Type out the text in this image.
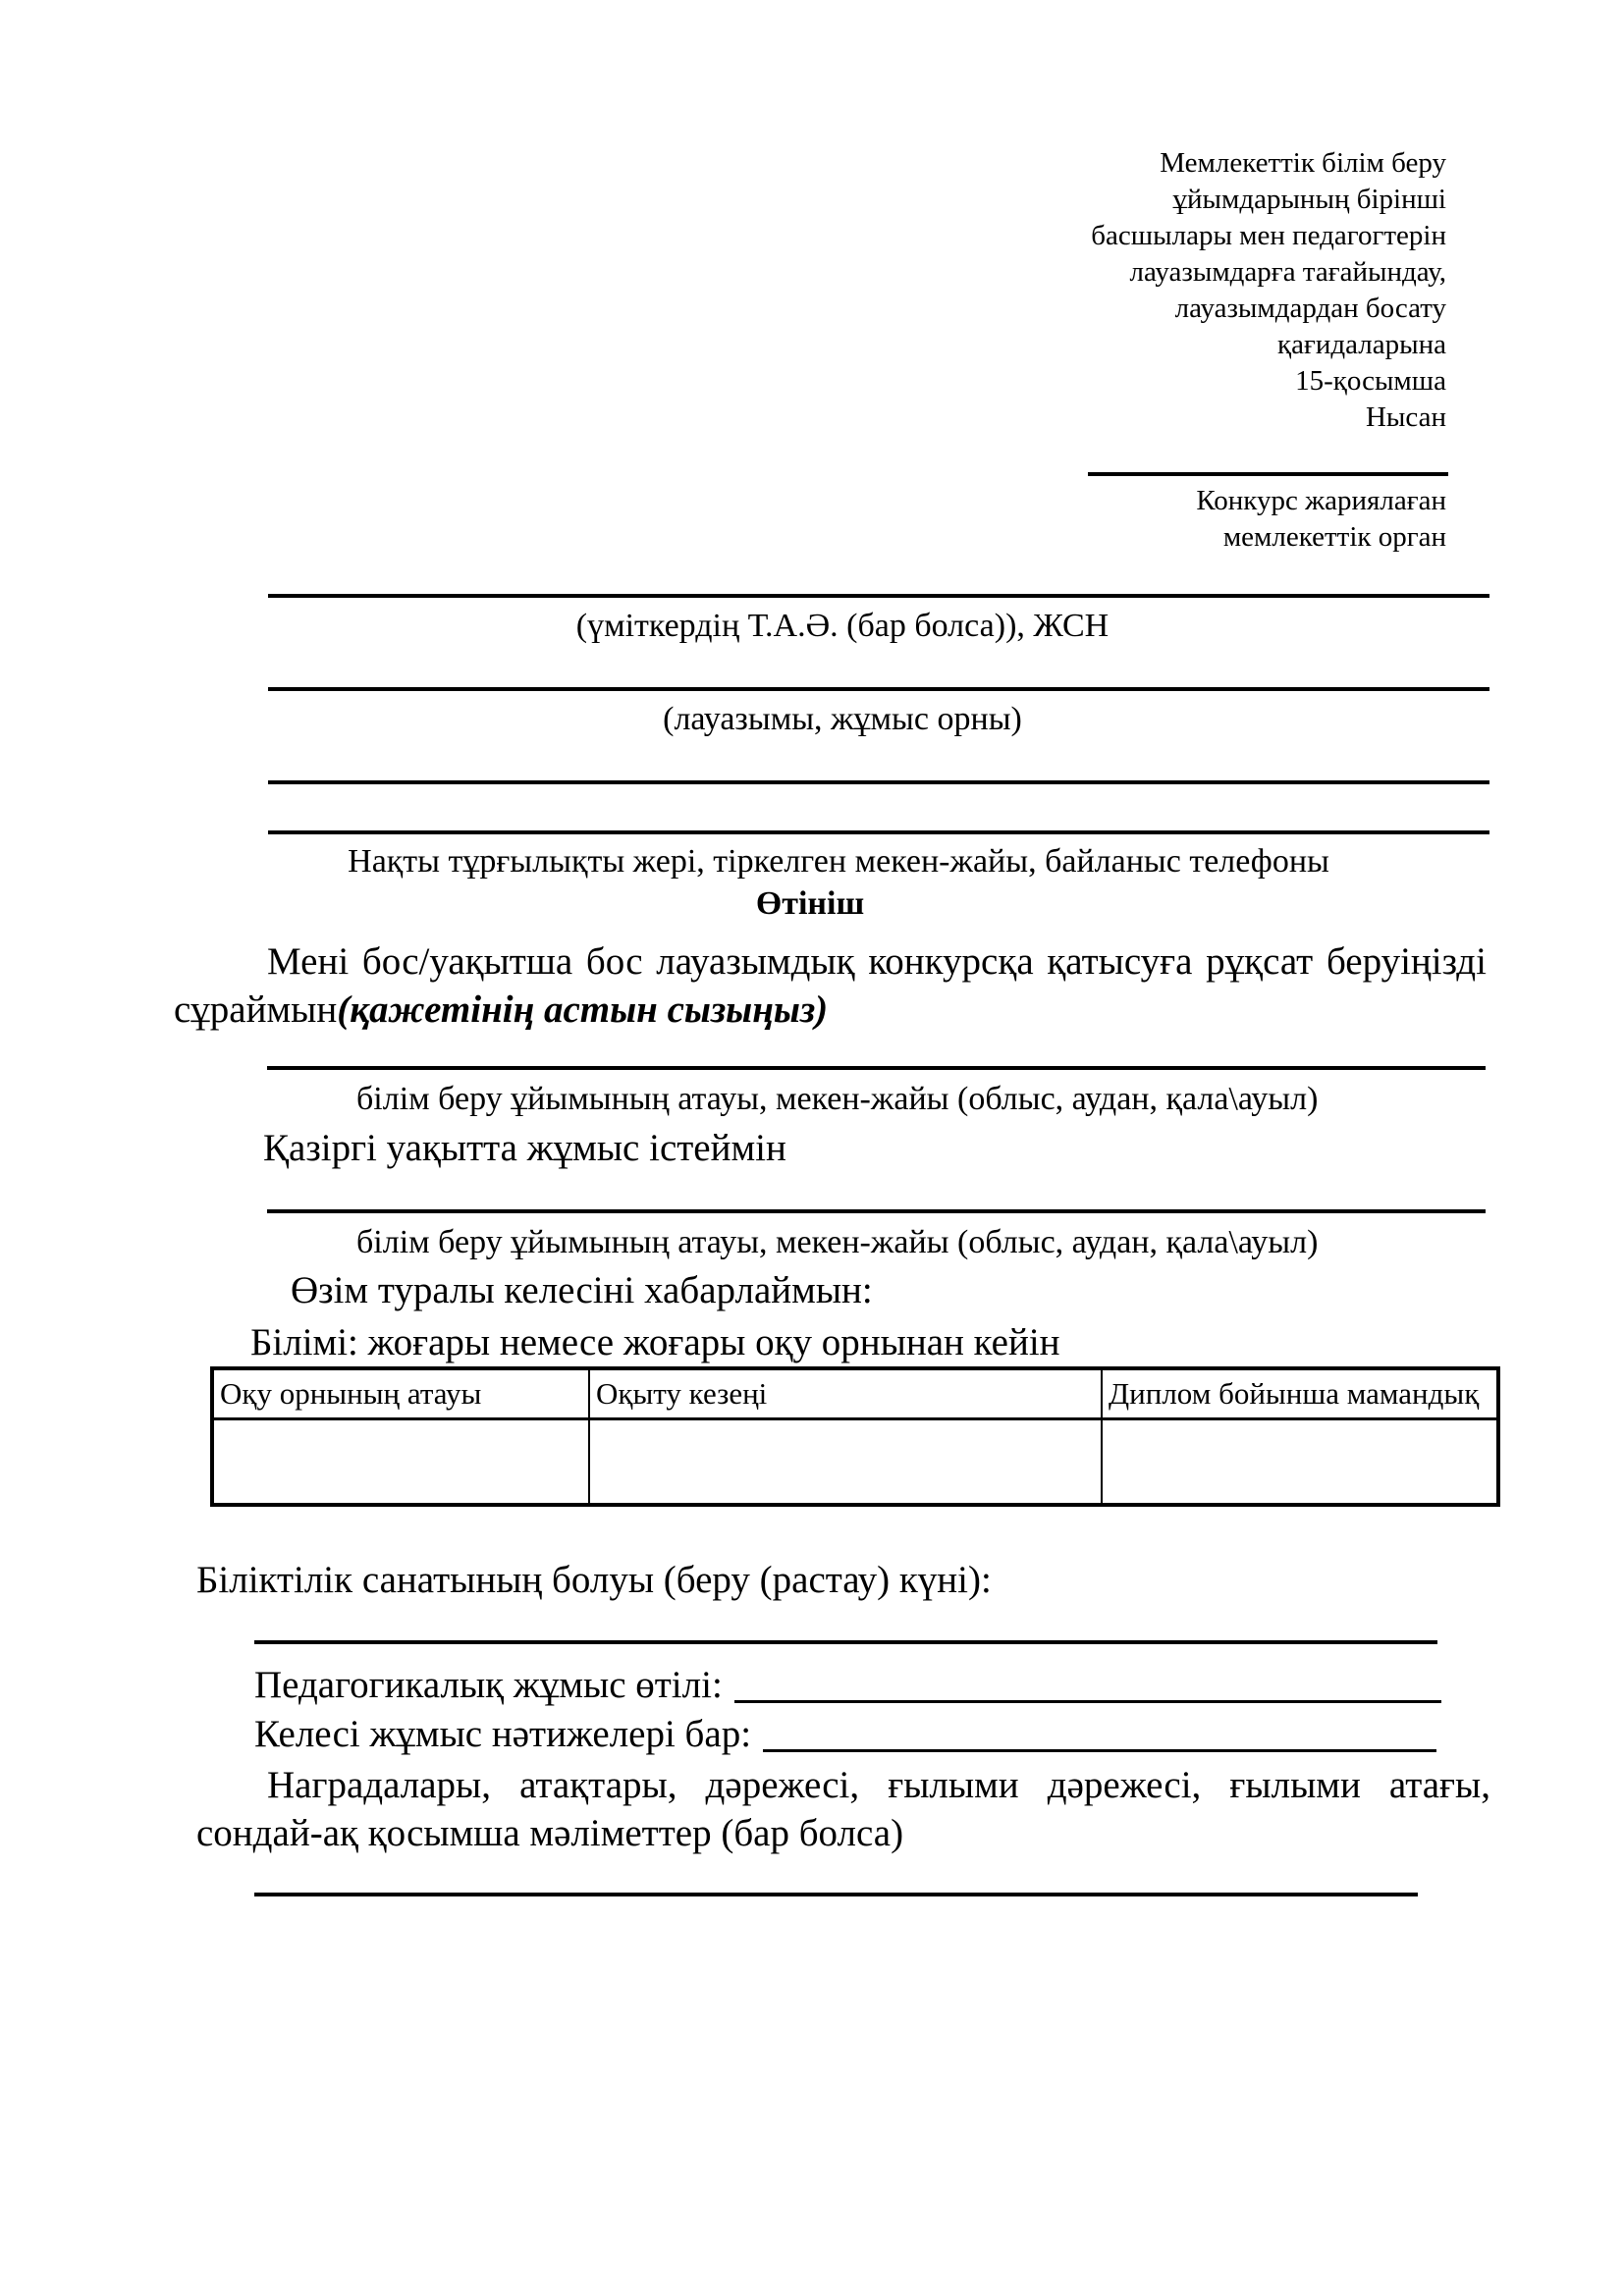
Мемлекеттік білім беру
ұйымдарының бірінші
басшылары мен педагогтерін
лауазымдарға тағайындау,
лауазымдардан босату
қағидаларына
15-қосымша
Нысан
Конкурс жариялаған
мемлекеттік орган
(үміткердің Т.А.Ә. (бар болса)), ЖСН
(лауазымы, жұмыс орны)
Нақты тұрғылықты жері, тіркелген мекен-жайы, байланыс телефоны
Өтініш
Мені бос/уақытша бос лауазымдық конкурсқа қатысуға рұқсат беруіңізді
сұраймын(қажетінің астын сызыңыз)
білім беру ұйымының атауы, мекен-жайы (облыс, аудан, қала\ауыл)
Қазіргі уақытта жұмыс істеймін
білім беру ұйымының атауы, мекен-жайы (облыс, аудан, қала\ауыл)
Өзім туралы келесіні хабарлаймын:
Білімі: жоғары немесе жоғары оқу орнынан кейін
Оқу орнының атауы	Оқыту кезеңі	Диплом бойынша мамандық

Біліктілік санатының болуы (беру (растау) күні):
Педагогикалық жұмыс өтілі:
Келесі жұмыс нәтижелері бар:
Наградалары, атақтары, дәрежесі, ғылыми дәрежесі, ғылыми атағы,
сондай-ақ қосымша мәліметтер (бар болса)
